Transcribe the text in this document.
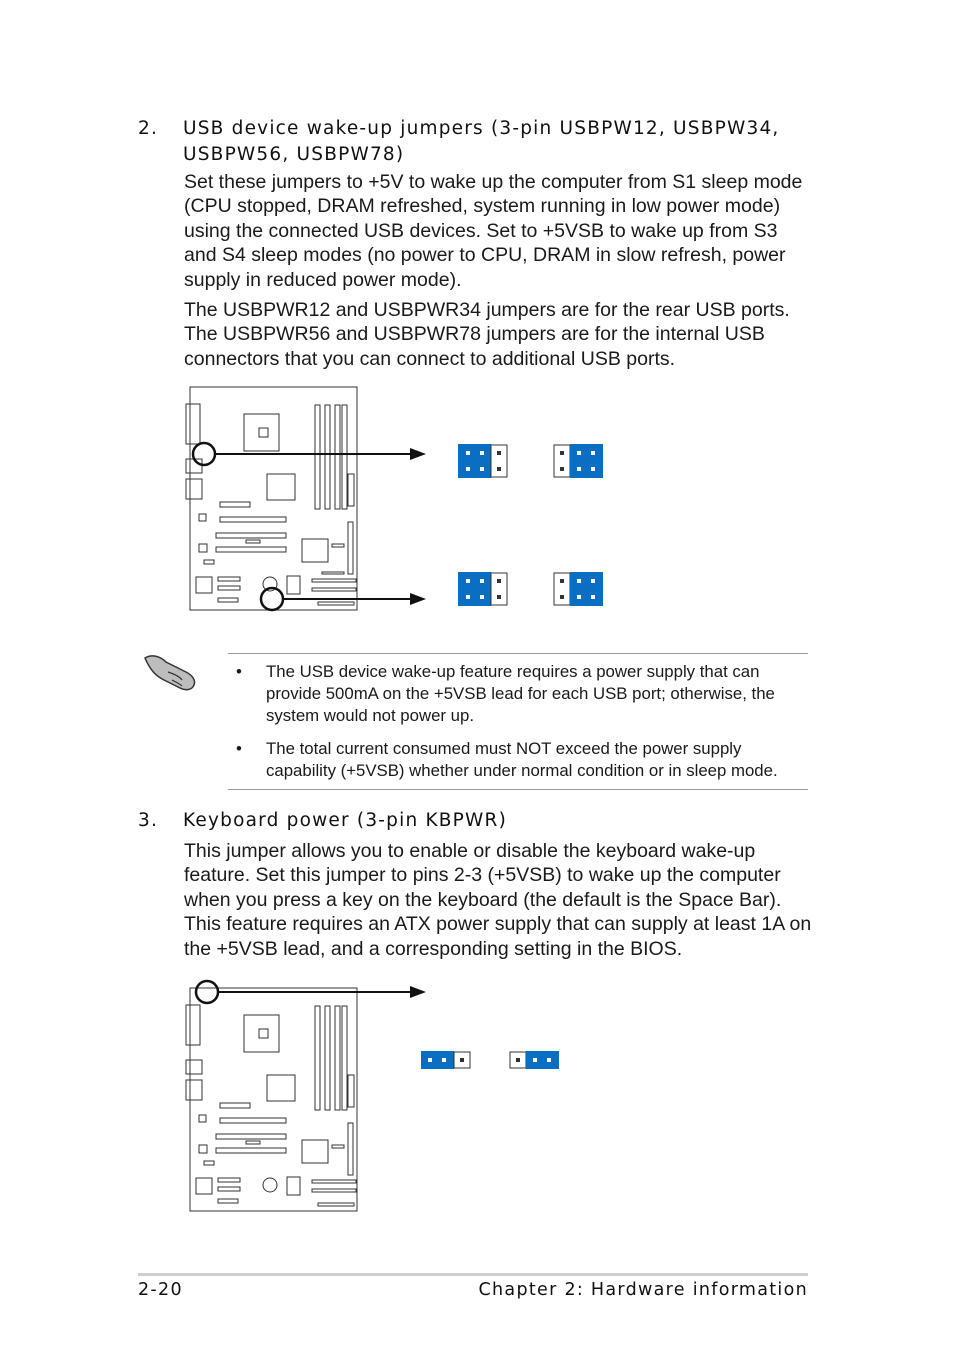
2. USB device wake-up jumpers (3-pin USBPW12, USBPW34, USBPW56, USBPW78)
Set these jumpers to +5V to wake up the computer from S1 sleep mode (CPU stopped, DRAM refreshed, system running in low power mode) using the connected USB devices. Set to +5VSB to wake up from S3 and S4 sleep modes (no power to CPU, DRAM in slow refresh, power supply in reduced power mode).
The USBPWR12 and USBPWR34 jumpers are for the rear USB ports. The USBPWR56 and USBPWR78 jumpers are for the internal USB connectors that you can connect to additional USB ports.
• The USB device wake-up feature requires a power supply that can provide 500mA on the +5VSB lead for each USB port; otherwise, the system would not power up.
• The total current consumed must NOT exceed the power supply capability (+5VSB) whether under normal condition or in sleep mode.
3. Keyboard power (3-pin KBPWR)
This jumper allows you to enable or disable the keyboard wake-up feature. Set this jumper to pins 2-3 (+5VSB) to wake up the computer when you press a key on the keyboard (the default is the Space Bar). This feature requires an ATX power supply that can supply at least 1A on the +5VSB lead, and a corresponding setting in the BIOS.
2-20	Chapter 2: Hardware information
